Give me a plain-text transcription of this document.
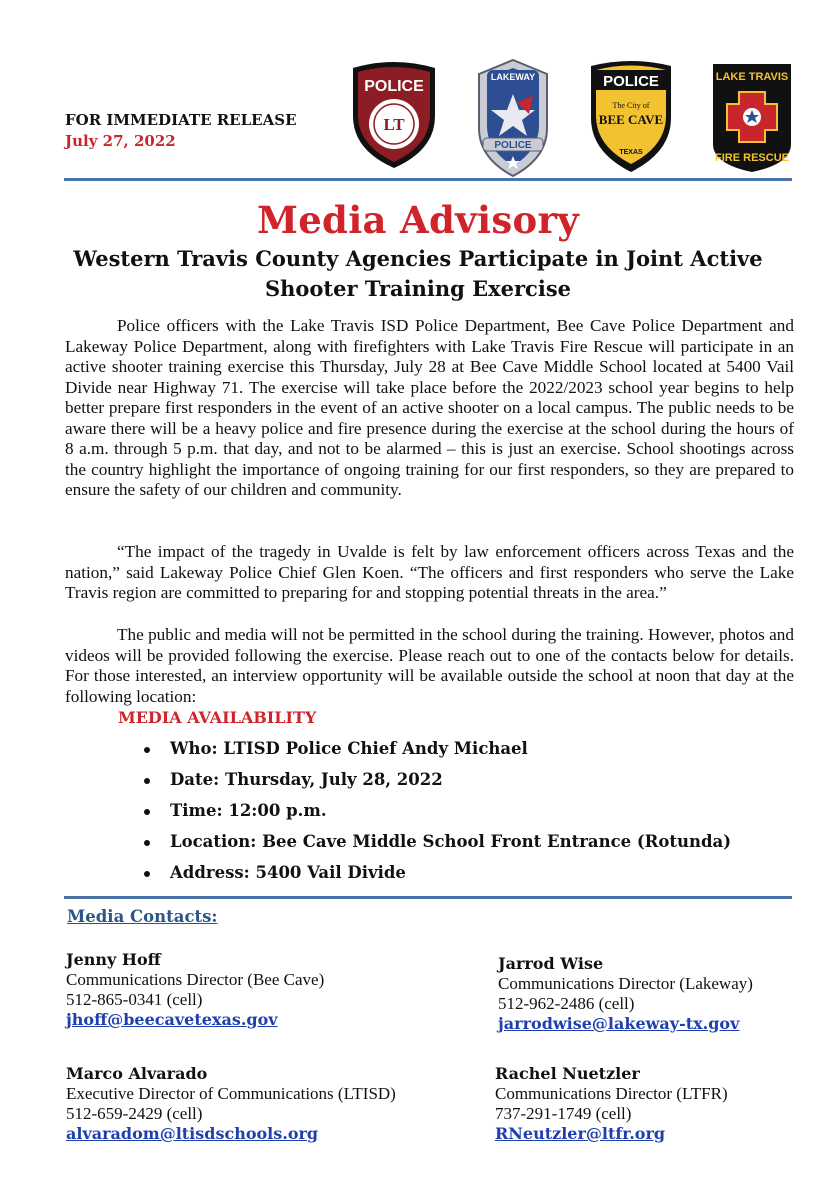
FOR IMMEDIATE RELEASE
July 27, 2022
POLICE
LT
LAKEWAY
POLICE
POLICE
The City of
BEE CAVE
TEXAS
LAKE TRAVIS
FIRE RESCUE
Media Advisory
Western Travis County Agencies Participate in Joint Active
Shooter Training Exercise

Police officers with the Lake Travis ISD Police Department, Bee Cave Police Department and Lakeway Police Department, along with firefighters with Lake Travis Fire Rescue will participate in an active shooter training exercise this Thursday, July 28 at Bee Cave Middle School located at 5400 Vail Divide near Highway 71. The exercise will take place before the 2022/2023 school year begins to help better prepare first responders in the event of an active shooter on a local campus. The public needs to be aware there will be a heavy police and fire presence during the exercise at the school during the hours of 8 a.m. through 5 p.m. that day, and not to be alarmed – this is just an exercise. School shootings across the country highlight the importance of ongoing training for our first responders, so they are prepared to ensure the safety of our children and community.

“The impact of the tragedy in Uvalde is felt by law enforcement officers across Texas and the nation,” said Lakeway Police Chief Glen Koen. “The officers and first responders who serve the Lake Travis region are committed to preparing for and stopping potential threats in the area.”

The public and media will not be permitted in the school during the training. However, photos and videos will be provided following the exercise. Please reach out to one of the contacts below for details. For those interested, an interview opportunity will be available outside the school at noon that day at the following location:

MEDIA AVAILABILITY
Who: LTISD Police Chief Andy Michael
Date: Thursday, July 28, 2022
Time: 12:00 p.m.
Location: Bee Cave Middle School Front Entrance (Rotunda)
Address: 5400 Vail Divide
Media Contacts:
Jenny Hoff
Communications Director (Bee Cave)
512-865-0341 (cell)
jhoff@beecavetexas.gov
Jarrod Wise
Communications Director (Lakeway)
512-962-2486 (cell)
jarrodwise@lakeway-tx.gov
Marco Alvarado
Executive Director of Communications (LTISD)
512-659-2429 (cell)
alvaradom@ltisdschools.org
Rachel Nuetzler
Communications Director (LTFR)
737-291-1749 (cell)
RNeutzler@ltfr.org
